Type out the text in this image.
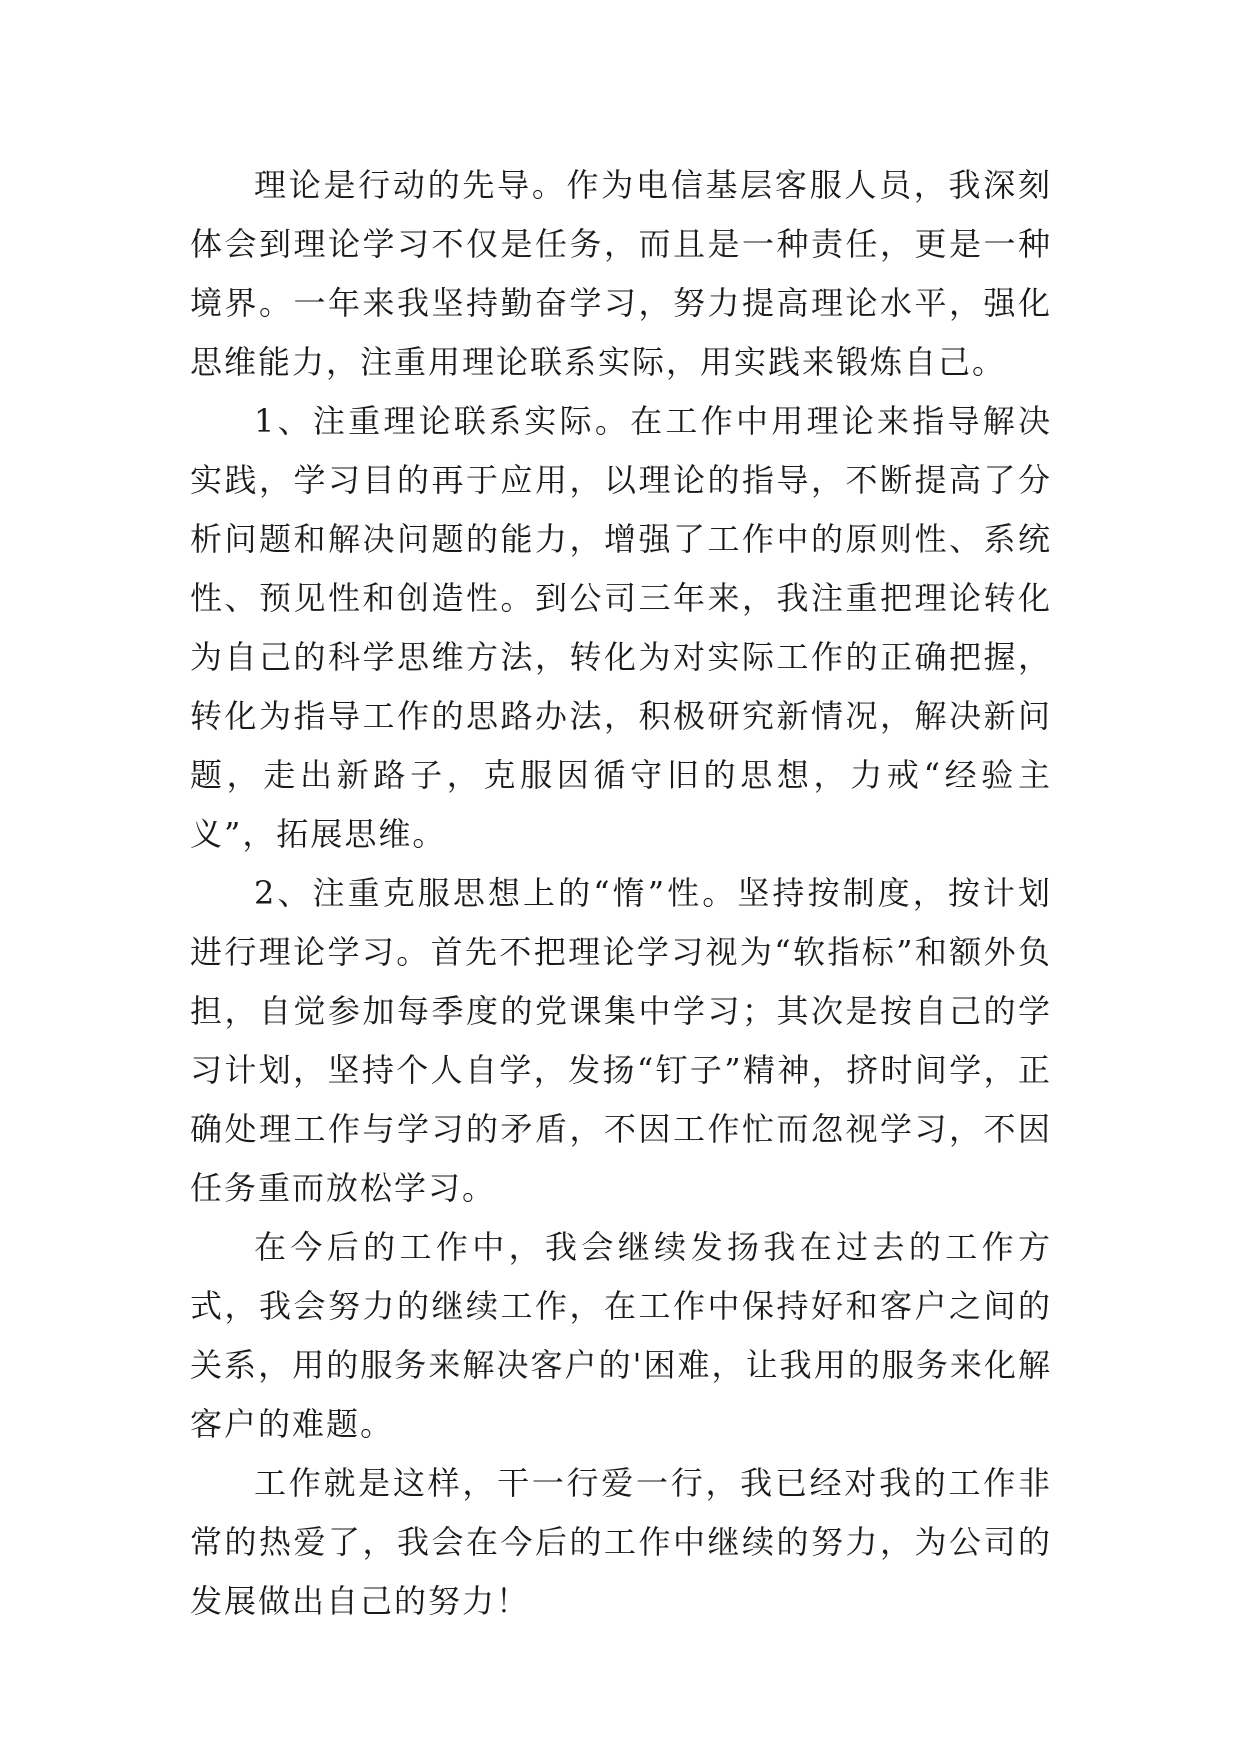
理论是行动的先导。作为电信基层客服人员，我深刻体会到理论学习不仅是任务，而且是一种责任，更是一种境界。一年来我坚持勤奋学习，努力提高理论水平，强化思维能力，注重用理论联系实际，用实践来锻炼自己。

1、注重理论联系实际。在工作中用理论来指导解决实践，学习目的再于应用，以理论的指导，不断提高了分析问题和解决问题的能力，增强了工作中的原则性、系统性、预见性和创造性。到公司三年来，我注重把理论转化为自己的科学思维方法，转化为对实际工作的正确把握，转化为指导工作的思路办法，积极研究新情况，解决新问题，走出新路子，克服因循守旧的思想，力戒“经验主义”，拓展思维。

2、注重克服思想上的“惰”性。坚持按制度，按计划进行理论学习。首先不把理论学习视为“软指标”和额外负担，自觉参加每季度的党课集中学习；其次是按自己的学习计划，坚持个人自学，发扬“钉子”精神，挤时间学，正确处理工作与学习的矛盾，不因工作忙而忽视学习，不因任务重而放松学习。

在今后的工作中，我会继续发扬我在过去的工作方式，我会努力的继续工作，在工作中保持好和客户之间的关系，用的服务来解决客户的'困难，让我用的服务来化解客户的难题。

工作就是这样，干一行爱一行，我已经对我的工作非常的热爱了，我会在今后的工作中继续的努力，为公司的发展做出自己的努力！
